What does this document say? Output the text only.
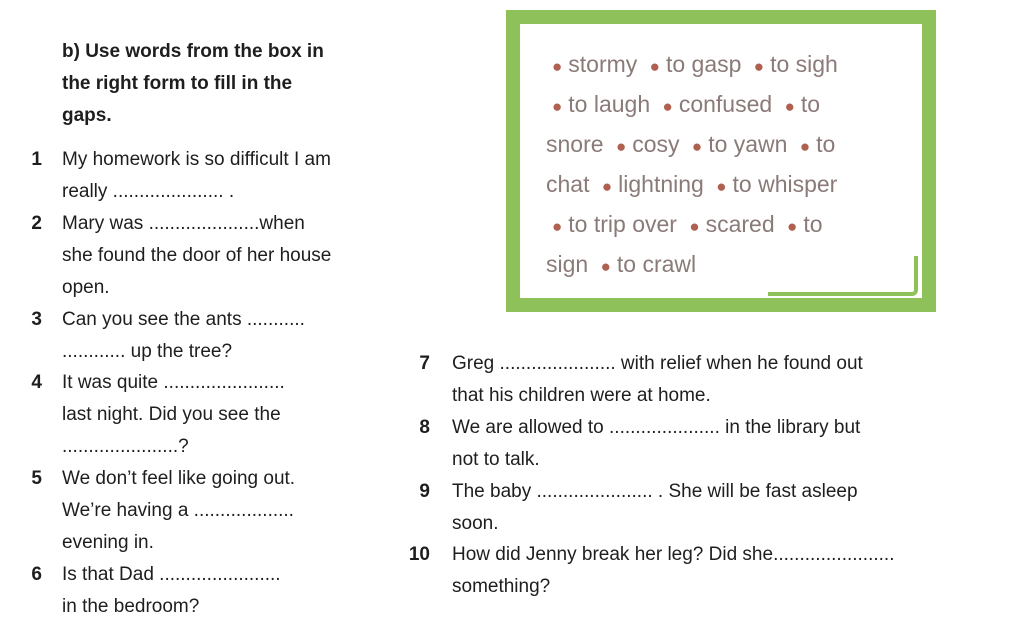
b) Use words from the box in
the right form to fill in the
gaps.
● stormy ● to gasp ● to sigh
● to laugh ● confused ● to
snore ● cosy ● to yawn ● to
chat ● lightning ● to whisper
● to trip over ● scared ● to
sign ● to crawl
1 My homework is so difficult I am
really ..................... .
2 Mary was .....................when
she found the door of her house
open.
3 Can you see the ants ...........
............ up the tree?
4 It was quite .......................
last night. Did you see the
......................?
5 We don’t feel like going out.
We’re having a ...................
evening in.
6 Is that Dad .......................
in the bedroom?
7 Greg ...................... with relief when he found out
that his children were at home.
8 We are allowed to ..................... in the library but
not to talk.
9 The baby ...................... . She will be fast asleep
soon.
10 How did Jenny break her leg? Did she.......................
something?
